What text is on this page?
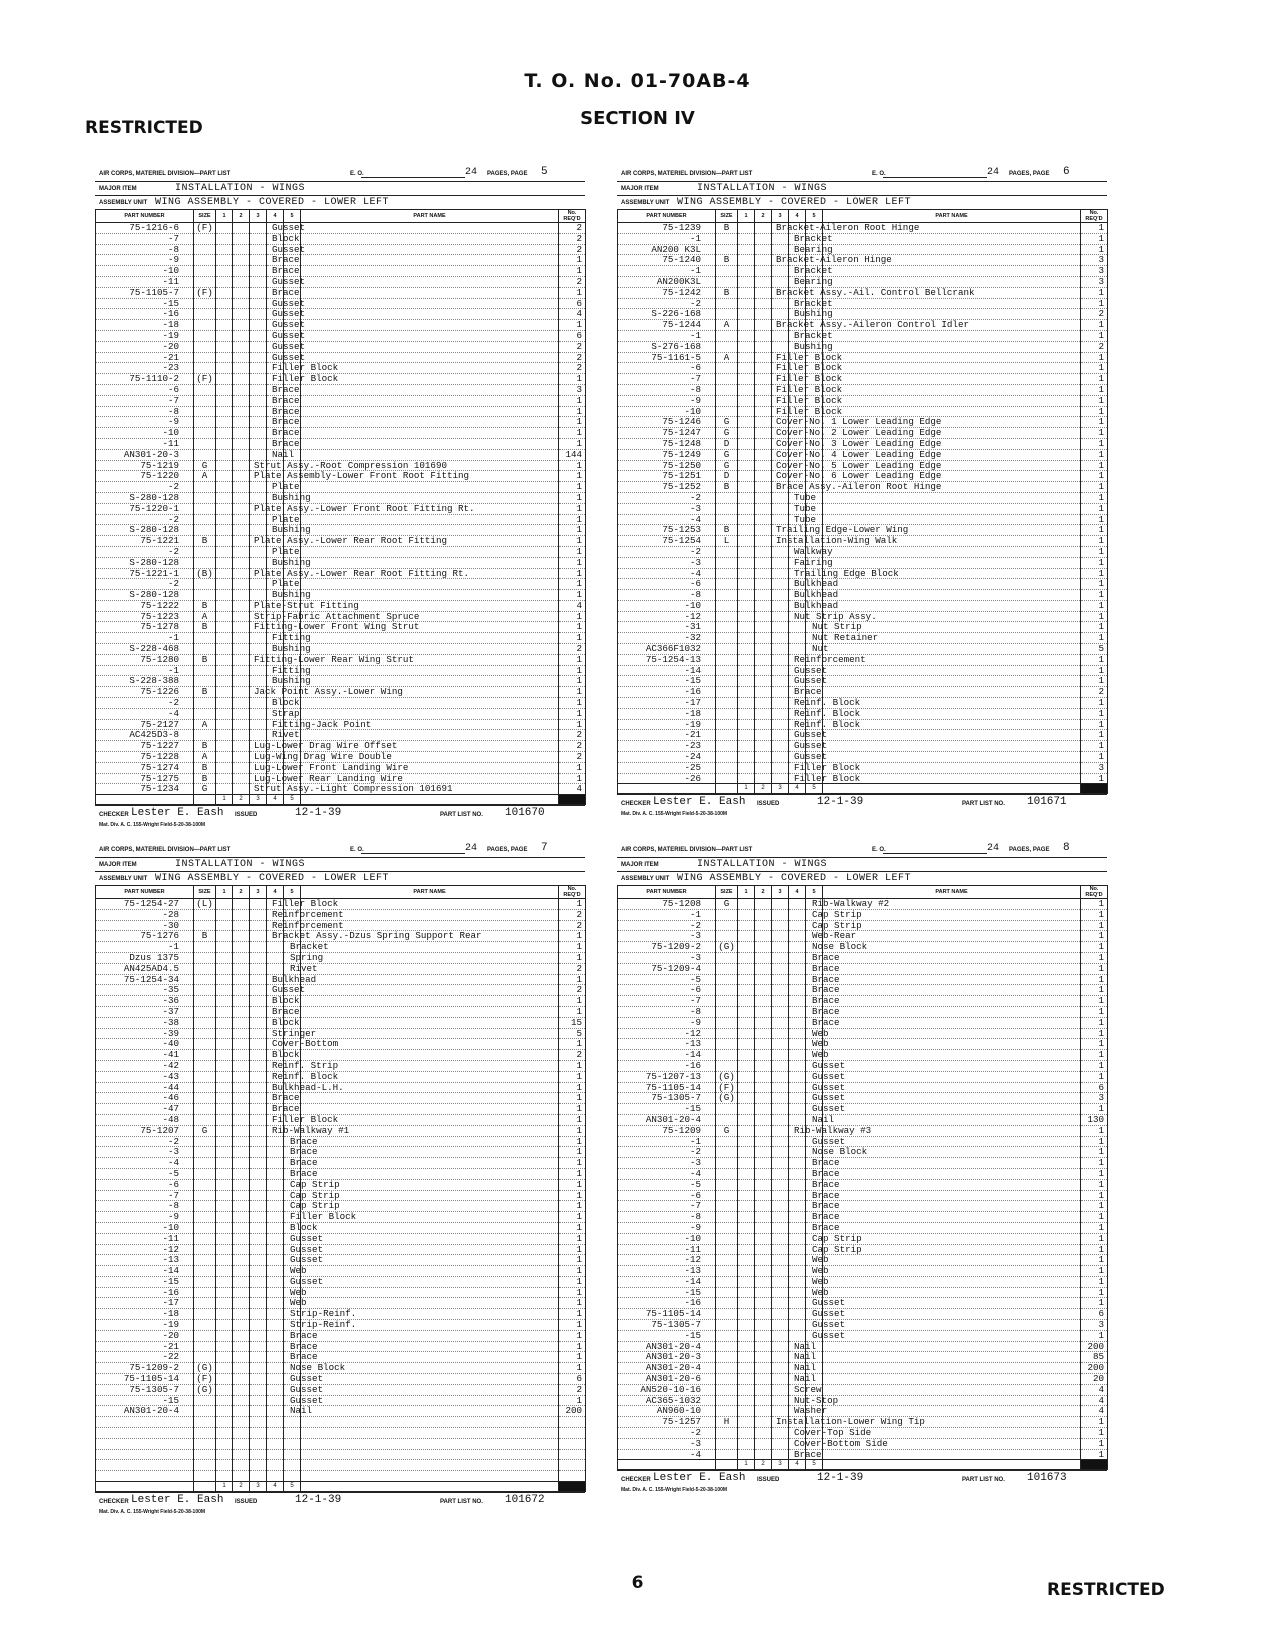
T. O. No. 01-70AB-4
SECTION IV
RESTRICTED
AIR CORPS, MATERIEL DIVISION—PART LIST	E. O.	24 PAGES, PAGE 5
MAJOR ITEM	INSTALLATION - WINGS
ASSEMBLY UNIT WING ASSEMBLY - COVERED - LOWER LEFT
PART NUMBER	SIZE	1	2	3	4	5	PART NAME	No. REQ'D
75-1216-6	(F)			Gusset				2
-7				Block				2
-8				Gusset				2
-9				Brace				1
-10				Brace				1
-11				Gusset				2
75-1105-7	(F)			Brace				1
-15				Gusset				6
-16				Gusset				4
-18				Gusset				1
-19				Gusset				6
-20				Gusset				2
-21				Gusset				2
-23				Filler Block				2
75-1110-2	(F)			Filler Block				1
-6				Brace				3
-7				Brace				1
-8				Brace				1
-9				Brace				1
-10				Brace				1
-11				Brace				1
AN301-20-3				Nail				144
75-1219	G			Strut Assy.-Root Compression 101690				1
75-1220	A			Plate Assembly-Lower Front Root Fitting				1
-2				Plate				1
S-280-128				Bushing				1
75-1220-1				Plate Assy.-Lower Front Root Fitting Rt.				1
-2				Plate				1
S-280-128				Bushing				1
75-1221	B			Plate Assy.-Lower Rear Root Fitting				1
-2				Plate				1
S-280-128				Bushing				1
75-1221-1	(B)			Plate Assy.-Lower Rear Root Fitting Rt.				1
-2				Plate				1
S-280-128				Bushing				1
75-1222	B			Plate-Strut Fitting				4
75-1223	A			Strip-Fabric Attachment Spruce				1
75-1278	B			Fitting-Lower Front Wing Strut				1
-1				Fitting				1
S-228-468				Bushing				2
75-1280	B			Fitting-Lower Rear Wing Strut				1
-1				Fitting				1
S-228-388				Bushing				1
75-1226	B			Jack Point Assy.-Lower Wing				1
-2				Block				1
-4				Strap				1
75-2127	A			Fitting-Jack Point				1
AC425D3-8				Rivet				2
75-1227	B			Lug-Lower Drag Wire Offset				2
75-1228	A			Lug-Wing Drag Wire Double				2
75-1274	B			Lug-Lower Front Landing Wire				1
75-1275	B			Lug-Lower Rear Landing Wire				1
75-1234	G			Strut Assy.-Light Compression 101691				4
		1	2	3	4	5		
CHECKER Lester E. Eash ISSUED	12-1-39	PART LIST NO. 101670
Mat. Div. A. C. 155-Wright Field-5-20-38-100M
AIR CORPS, MATERIEL DIVISION—PART LIST	E. O.	24 PAGES, PAGE 6
MAJOR ITEM	INSTALLATION - WINGS
ASSEMBLY UNIT WING ASSEMBLY - COVERED - LOWER LEFT
PART NUMBER	SIZE	1	2	3	4	5	PART NAME	No. REQ'D
75-1239	B			Bracket-Aileron Root Hinge				1
-1				Bracket				1
AN200 K3L				Bearing				1
75-1240	B			Bracket-Aileron Hinge				3
-1				Bracket				3
AN200K3L				Bearing				3
75-1242	B			Bracket Assy.-Ail. Control Bellcrank				1
-2				Bracket				1
S-226-168				Bushing				2
75-1244	A			Bracket Assy.-Aileron Control Idler				1
-1				Bracket				1
S-276-168				Bushing				2
75-1161-5	A			Filler Block				1
-6				Filler Block				1
-7				Filler Block				1
-8				Filler Block				1
-9				Filler Block				1
-10				Filler Block				1
75-1246	G			Cover-No. 1 Lower Leading Edge				1
75-1247	G			Cover-No. 2 Lower Leading Edge				1
75-1248	D			Cover-No. 3 Lower Leading Edge				1
75-1249	G			Cover-No. 4 Lower Leading Edge				1
75-1250	G			Cover-No. 5 Lower Leading Edge				1
75-1251	D			Cover-No. 6 Lower Leading Edge				1
75-1252	B			Brace Assy.-Aileron Root Hinge				1
-2				Tube				1
-3				Tube				1
-4				Tube				1
75-1253	B			Trailing Edge-Lower Wing				1
75-1254	L			Installation-Wing Walk				1
-2				Walkway				1
-3				Fairing				1
-4				Trailing Edge Block				1
-6				Bulkhead				1
-8				Bulkhead				1
-10				Bulkhead				1
-12				Nut Strip Assy.				1
-31				Nut Strip				1
-32				Nut Retainer				1
AC366F1032				Nut				5
75-1254-13				Reinforcement				1
-14				Gusset				1
-15				Gusset				1
-16				Brace				2
-17				Reinf. Block				1
-18				Reinf. Block				1
-19				Reinf. Block				1
-21				Gusset				1
-23				Gusset				1
-24				Gusset				1
-25				Filler Block				3
-26				Filler Block				1
		1	2	3	4	5		
CHECKER Lester E. Eash ISSUED	12-1-39	PART LIST NO. 101671
Mat. Div. A. C. 155-Wright Field-5-20-38-100M
AIR CORPS, MATERIEL DIVISION—PART LIST	E. O.	24 PAGES, PAGE 7
MAJOR ITEM	INSTALLATION - WINGS
ASSEMBLY UNIT WING ASSEMBLY - COVERED - LOWER LEFT
PART NUMBER	SIZE	1	2	3	4	5	PART NAME	No. REQ'D
75-1254-27	(L)			Filler Block				1
-28				Reinforcement				2
-30				Reinforcement				2
75-1276	B			Bracket Assy.-Dzus Spring Support Rear				1
-1				Bracket				1
Dzus 1375				Spring				1
AN425AD4.5				Rivet				2
75-1254-34				Bulkhead				1
-35				Gusset				2
-36				Block				1
-37				Brace				1
-38				Block				15
-39				Stringer				5
-40				Cover-Bottom				1
-41				Block				2
-42				Reinf. Strip				1
-43				Reinf. Block				1
-44				Bulkhead-L.H.				1
-46				Brace				1
-47				Brace				1
-48				Filler Block				1
75-1207	G			Rib-Walkway #1				1
-2				Brace				1
-3				Brace				1
-4				Brace				1
-5				Brace				1
-6				Cap Strip				1
-7				Cap Strip				1
-8				Cap Strip				1
-9				Filler Block				1
-10				Block				1
-11				Gusset				1
-12				Gusset				1
-13				Gusset				1
-14				Web				1
-15				Gusset				1
-16				Web				1
-17				Web				1
-18				Strip-Reinf.				1
-19				Strip-Reinf.				1
-20				Brace				1
-21				Brace				1
-22				Brace				1
75-1209-2	(G)			Nose Block				1
75-1105-14	(F)			Gusset				6
75-1305-7	(G)			Gusset				2
-15				Gusset				1
AN301-20-4				Nail				200

		1	2	3	4	5		
CHECKER Lester E. Eash ISSUED	12-1-39	PART LIST NO. 101672
Mat. Div. A. C. 155-Wright Field-5-20-38-100M
AIR CORPS, MATERIEL DIVISION—PART LIST	E. O.	24 PAGES, PAGE 8
MAJOR ITEM	INSTALLATION - WINGS
ASSEMBLY UNIT WING ASSEMBLY - COVERED - LOWER LEFT
PART NUMBER	SIZE	1	2	3	4	5	PART NAME	No. REQ'D
75-1208	G			Rib-Walkway #2				1
-1				Cap Strip				1
-2				Cap Strip				1
-3				Web-Rear				1
75-1209-2	(G)			Nose Block				1
-3				Brace				1
75-1209-4				Brace				1
-5				Brace				1
-6				Brace				1
-7				Brace				1
-8				Brace				1
-9				Brace				1
-12				Web				1
-13				Web				1
-14				Web				1
-16				Gusset				1
75-1207-13	(G)			Gusset				1
75-1105-14	(F)			Gusset				6
75-1305-7	(G)			Gusset				3
-15				Gusset				1
AN301-20-4				Nail				130
75-1209	G			Rib-Walkway #3				1
-1				Gusset				1
-2				Nose Block				1
-3				Brace				1
-4				Brace				1
-5				Brace				1
-6				Brace				1
-7				Brace				1
-8				Brace				1
-9				Brace				1
-10				Cap Strip				1
-11				Cap Strip				1
-12				Web				1
-13				Web				1
-14				Web				1
-15				Web				1
-16				Gusset				1
75-1105-14				Gusset				6
75-1305-7				Gusset				3
-15				Gusset				1
AN301-20-4				Nail				200
AN301-20-3				Nail				85
AN301-20-4				Nail				200
AN301-20-6				Nail				20
AN520-10-16				Screw				4
AC365-1032				Nut-Stop				4
AN960-10				Washer				4
75-1257	H			Installation-Lower Wing Tip				1
-2				Cover-Top Side				1
-3				Cover-Bottom Side				1
-4				Brace				1
		1	2	3	4	5		
CHECKER Lester E. Eash ISSUED	12-1-39	PART LIST NO. 101673
Mat. Div. A. C. 155-Wright Field-5-20-38-100M
6	RESTRICTED
